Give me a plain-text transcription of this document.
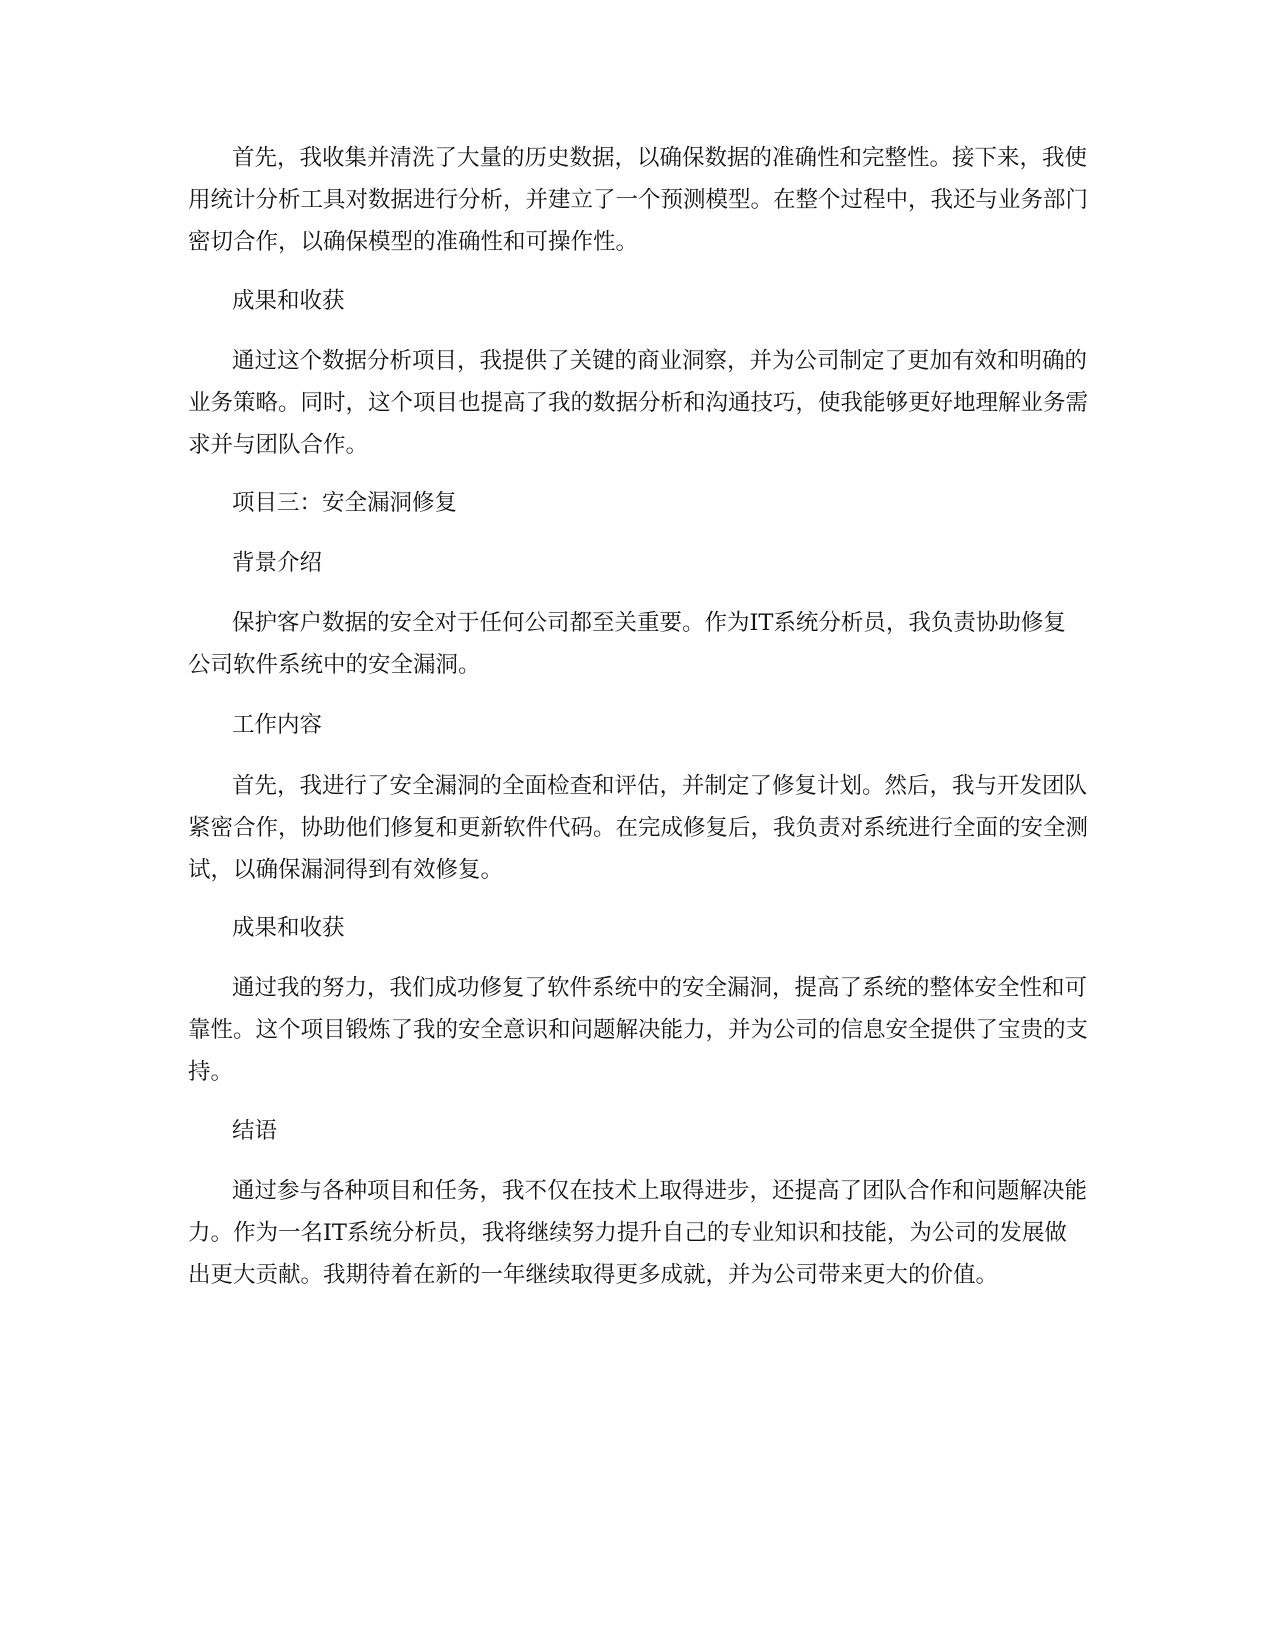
首先，我收集并清洗了大量的历史数据，以确保数据的准确性和完整性。接下来，我使用统计分析工具对数据进行分析，并建立了一个预测模型。在整个过程中，我还与业务部门密切合作，以确保模型的准确性和可操作性。

成果和收获

通过这个数据分析项目，我提供了关键的商业洞察，并为公司制定了更加有效和明确的业务策略。同时，这个项目也提高了我的数据分析和沟通技巧，使我能够更好地理解业务需求并与团队合作。

项目三：安全漏洞修复

背景介绍

保护客户数据的安全对于任何公司都至关重要。作为IT系统分析员，我负责协助修复公司软件系统中的安全漏洞。

工作内容

首先，我进行了安全漏洞的全面检查和评估，并制定了修复计划。然后，我与开发团队紧密合作，协助他们修复和更新软件代码。在完成修复后，我负责对系统进行全面的安全测试，以确保漏洞得到有效修复。

成果和收获

通过我的努力，我们成功修复了软件系统中的安全漏洞，提高了系统的整体安全性和可靠性。这个项目锻炼了我的安全意识和问题解决能力，并为公司的信息安全提供了宝贵的支持。

结语

通过参与各种项目和任务，我不仅在技术上取得进步，还提高了团队合作和问题解决能力。作为一名IT系统分析员，我将继续努力提升自己的专业知识和技能，为公司的发展做出更大贡献。我期待着在新的一年继续取得更多成就，并为公司带来更大的价值。
